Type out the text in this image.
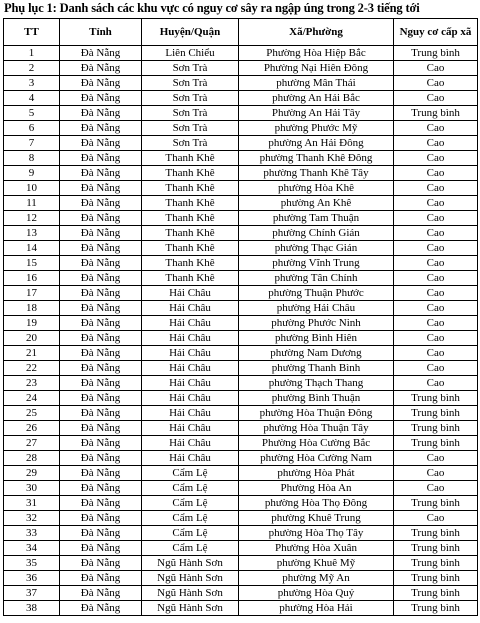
Phụ lục 1: Danh sách các khu vực có nguy cơ sây ra ngập úng trong 2-3 tiếng tới
TT	Tỉnh	Huyện/Quận	Xã/Phường	Nguy cơ cấp xã
1	Đà Nẵng	Liên Chiểu	Phường Hòa Hiệp Bắc	Trung bình
2	Đà Nẵng	Sơn Trà	Phường Nại Hiên Đông	Cao
3	Đà Nẵng	Sơn Trà	phường Mân Thái	Cao
4	Đà Nẵng	Sơn Trà	phường An Hải Bắc	Cao
5	Đà Nẵng	Sơn Trà	Phường An Hải Tây	Trung bình
6	Đà Nẵng	Sơn Trà	phường Phước Mỹ	Cao
7	Đà Nẵng	Sơn Trà	phường An Hải Đông	Cao
8	Đà Nẵng	Thanh Khê	phường Thanh Khê Đông	Cao
9	Đà Nẵng	Thanh Khê	phường Thanh Khê Tây	Cao
10	Đà Nẵng	Thanh Khê	phường Hòa Khê	Cao
11	Đà Nẵng	Thanh Khê	phường An Khê	Cao
12	Đà Nẵng	Thanh Khê	phường Tam Thuận	Cao
13	Đà Nẵng	Thanh Khê	phường Chính Gián	Cao
14	Đà Nẵng	Thanh Khê	phường Thạc Gián	Cao
15	Đà Nẵng	Thanh Khê	phường Vĩnh Trung	Cao
16	Đà Nẵng	Thanh Khê	phường Tân Chính	Cao
17	Đà Nẵng	Hải Châu	phường Thuận Phước	Cao
18	Đà Nẵng	Hải Châu	phường Hải Châu	Cao
19	Đà Nẵng	Hải Châu	phường Phước Ninh	Cao
20	Đà Nẵng	Hải Châu	phường Bình Hiên	Cao
21	Đà Nẵng	Hải Châu	phường Nam Dương	Cao
22	Đà Nẵng	Hải Châu	phường Thanh Bình	Cao
23	Đà Nẵng	Hải Châu	phường Thạch Thang	Cao
24	Đà Nẵng	Hải Châu	phường Bình Thuận	Trung bình
25	Đà Nẵng	Hải Châu	phường Hòa Thuận Đông	Trung bình
26	Đà Nẵng	Hải Châu	phường Hòa Thuận Tây	Trung bình
27	Đà Nẵng	Hải Châu	Phường Hòa Cường Bắc	Trung bình
28	Đà Nẵng	Hải Châu	phường Hòa Cường Nam	Cao
29	Đà Nẵng	Cẩm Lệ	phường Hòa Phát	Cao
30	Đà Nẵng	Cẩm Lệ	Phường Hòa An	Cao
31	Đà Nẵng	Cẩm Lệ	phường Hòa Thọ Đông	Trung bình
32	Đà Nẵng	Cẩm Lệ	phường Khuê Trung	Cao
33	Đà Nẵng	Cẩm Lệ	phường Hòa Thọ Tây	Trung bình
34	Đà Nẵng	Cẩm Lệ	Phường Hòa Xuân	Trung bình
35	Đà Nẵng	Ngũ Hành Sơn	phường Khuê Mỹ	Trung bình
36	Đà Nẵng	Ngũ Hành Sơn	phường Mỹ An	Trung bình
37	Đà Nẵng	Ngũ Hành Sơn	phường Hòa Quý	Trung bình
38	Đà Nẵng	Ngũ Hành Sơn	phường Hòa Hải	Trung bình
